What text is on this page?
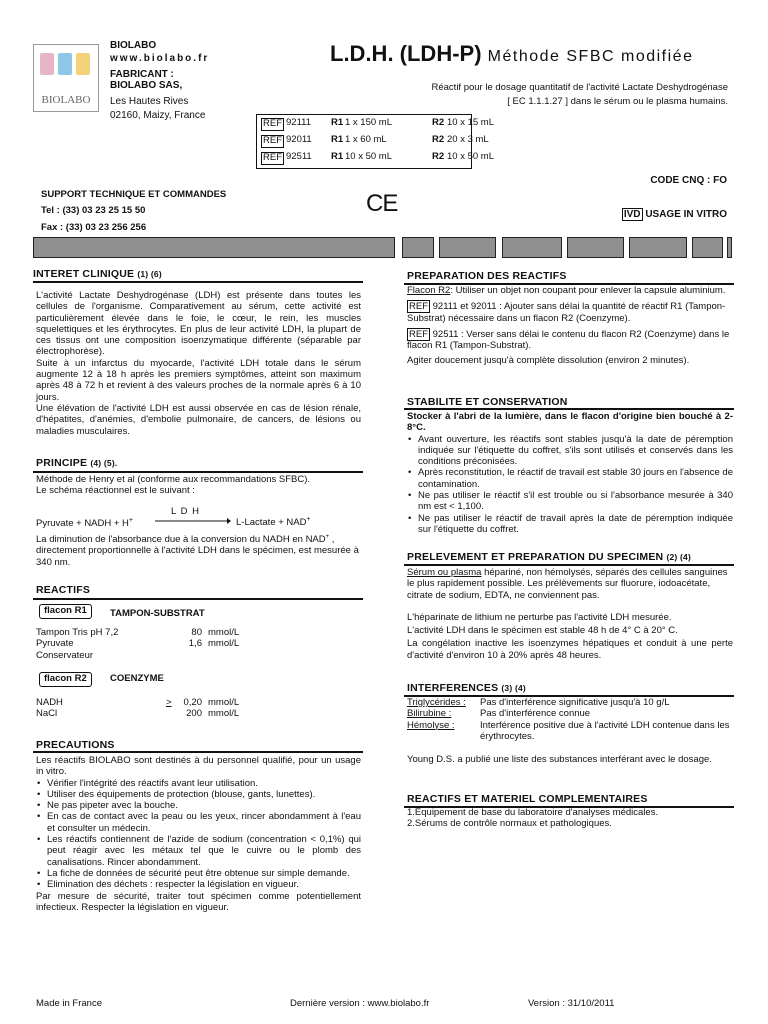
BIOLABO
BIOLABO
www.biolabo.fr
FABRICANT :
BIOLABO SAS,
Les Hautes Rives
02160, Maizy, France
L.D.H. (LDH-P) Méthode SFBC modifiée
Réactif pour le dosage quantitatif de l'activité Lactate Deshydrogénase
[ EC 1.1.1.27 ] dans le sérum ou le plasma humains.
REF 92111 R1 1 x 150 mL	R2 10 x 15 mL
REF 92011 R1 1 x 60 mL	R2 20 x 3 mL
REF 92511 R1 10 x 50 mL	R2 10 x 50 mL
CODE CNQ : FO
SUPPORT TECHNIQUE ET COMMANDES
Tel : (33) 03 23 25 15 50
Fax : (33) 03 23 256 256
CE	IVD USAGE IN VITRO
INTERET CLINIQUE (1) (6)
L'activité Lactate Deshydrogénase (LDH) est présente dans toutes les cellules de l'organisme. Comparativement au sérum, cette activité est particulièrement élevée dans le foie, le cœur, le rein, les muscles squelettiques et les érythrocytes. En plus de leur activité LDH, la plupart de ces tissus ont une composition isoenzymatique différente (séparable par électrophorèse).
Suite à un infarctus du myocarde, l'activité LDH totale dans le sérum augmente 12 à 18 h après les premiers symptômes, atteint son maximum après 48 à 72 h et revient à des valeurs proches de la normale après 6 à 10 jours.
Une élévation de l'activité LDH est aussi observée en cas de lésion rénale, d'hépatites, d'anémies, d'embolie pulmonaire, de cancers, de lésions ou maladies musculaires.
PRINCIPE (4) (5).
Méthode de Henry et al (conforme aux recommandations SFBC).
Le schéma réactionnel est le suivant :
Pyruvate + NADH + H+
L D H
L-Lactate + NAD+
La diminution de l'absorbance due à la conversion du NADH en NAD+ , directement proportionnelle à l'activité LDH dans le spécimen, est mesurée à 340 nm.
REACTIFS
flacon R1	TAMPON-SUBSTRAT
Tampon Tris pH 7,2	80 mmol/L
Pyruvate	1,6 mmol/L
Conservateur
flacon R2	COENZYME
NADH	>	0,20 mmol/L
NaCl	200 mmol/L
PRECAUTIONS
Les réactifs BIOLABO sont destinés à du personnel qualifié, pour un usage in vitro.
• Vérifier l'intégrité des réactifs avant leur utilisation.
• Utiliser des équipements de protection (blouse, gants, lunettes).
• Ne pas pipeter avec la bouche.
• En cas de contact avec la peau ou les yeux, rincer abondamment à l'eau et consulter un médecin.
• Les réactifs contiennent de l'azide de sodium (concentration < 0,1%) qui peut réagir avec les métaux tel que le cuivre ou le plomb des canalisations. Rincer abondamment.
• La fiche de données de sécurité peut être obtenue sur simple demande.
• Elimination des déchets : respecter la législation en vigueur.
Par mesure de sécurité, traiter tout spécimen comme potentiellement infectieux. Respecter la législation en vigueur.
PREPARATION DES REACTIFS
Flacon R2: Utiliser un objet non coupant pour enlever la capsule aluminium.
REF 92111 et 92011 : Ajouter sans délai la quantité de réactif R1 (Tampon-Substrat) nécessaire dans un flacon R2 (Coenzyme).
REF 92511 : Verser sans délai le contenu du flacon R2 (Coenzyme) dans le flacon R1 (Tampon-Substrat).
Agiter doucement jusqu'à complète dissolution (environ 2 minutes).
STABILITE ET CONSERVATION
Stocker à l'abri de la lumière, dans le flacon d'origine bien bouché à 2-8°C.
• Avant ouverture, les réactifs sont stables jusqu'à la date de péremption indiquée sur l'étiquette du coffret, s'ils sont utilisés et conservés dans les conditions préconisées.
• Après reconstitution, le réactif de travail est stable 30 jours en l'absence de contamination.
• Ne pas utiliser le réactif s'il est trouble ou si l'absorbance mesurée à 340 nm est < 1,100.
• Ne pas utiliser le réactif de travail après la date de péremption indiquée sur l'étiquette du coffret.
PRELEVEMENT ET PREPARATION DU SPECIMEN (2) (4)
Sérum ou plasma hépariné, non hémolysés, séparés des cellules sanguines le plus rapidement possible. Les prélèvements sur fluorure, iodoacétate, citrate de sodium, EDTA, ne conviennent pas.
L'héparinate de lithium ne perturbe pas l'activité LDH mesurée.
L'activité LDH dans le spécimen est stable 48 h de 4° C à 20° C.
La congélation inactive les isoenzymes hépatiques et conduit à une perte d'activité d'environ 10 à 20% après 48 heures.
INTERFERENCES (3) (4)
Triglycérides : Pas d'interférence significative jusqu'à 10 g/L
Bilirubine :	Pas d'interférence connue
Hémolyse :	Interférence positive due à l'activité LDH contenue dans les érythrocytes.
Young D.S. a publié une liste des substances interférant avec le dosage.
REACTIFS ET MATERIEL COMPLEMENTAIRES
1.Equipement de base du laboratoire d'analyses médicales.
2.Sérums de contrôle normaux et pathologiques.
Made in France	Dernière version : www.biolabo.fr	Version : 31/10/2011
